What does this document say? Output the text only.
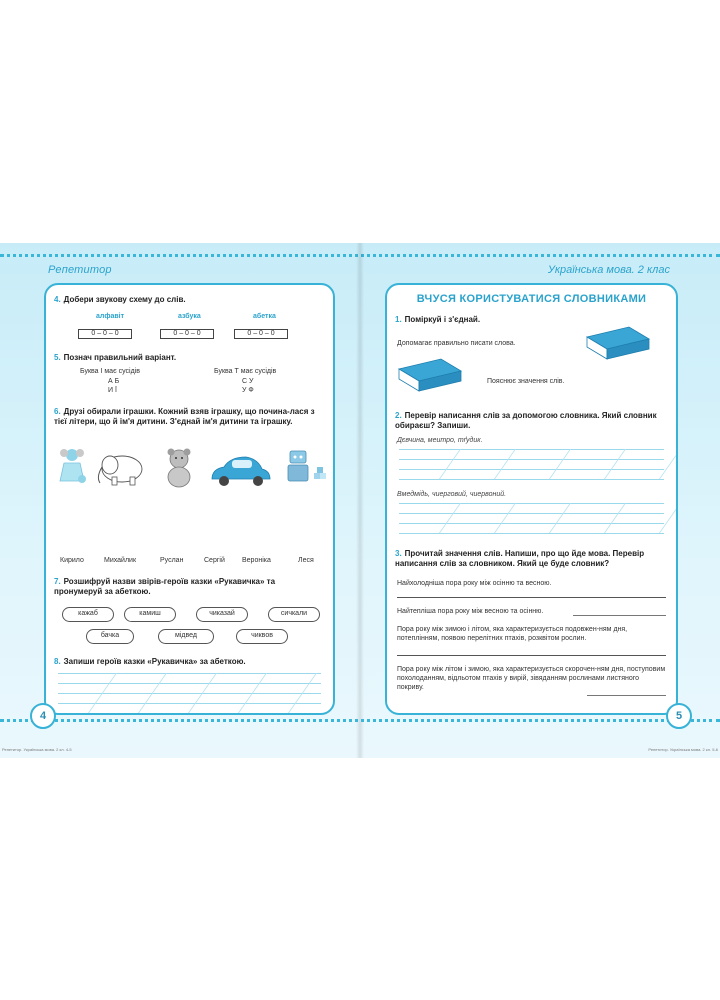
Репетитор	Українська мова. 2 клас
4. Добери звукову схему до слів.
алфавіт	азбука	абетка
0 – 0 – 0	0 – 0 – 0	0 – 0 – 0
5. Познач правильний варіант.
Буква І має сусідів
А Б
И Ї
Буква Т має сусідів
С У
У Ф
6. Друзі обирали іграшки. Кожний взяв іграшку, що почина-лася з тієї літери, що й ім'я дитини. З'єднай ім'я дитини та іграшку.
Кирило	Михайлик	Руслан	Сергій Вероніка	Леся
7. Розшифруй назви звірів-героїв казки «Рукавичка» та пронумеруй за абеткою.
кажаб	камиш	чиказай	сичкали
бачка	мідвед	чиквов
8. Запиши героїв казки «Рукавичка» за абеткою.
ВЧУСЯ КОРИСТУВАТИСЯ СЛОВНИКАМИ
1. Поміркуй і з'єднай.
Допомагає правильно писати слова.
Пояснює значення слів.
2. Перевір написання слів за допомогою словника. Який словник обираєш? Запиши.
Дєвчина, меитро, тґудик.
Вмедмідь, чиерговий, чиервоний.
3. Прочитай значення слів. Напиши, про що йде мова. Перевір написання слів за словником. Який це буде словник?
Найхолодніша пора року між осінню та весною.
Найтепліша пора року між весною та осінню.
Пора року між зимою і літом, яка характеризується подовжен-ням дня, потеплінням, появою перелітних птахів, розквітом рослин.
Пора року між літом і зимою, яка характеризується скорочен-ням дня, поступовим похолоданням, відльотом птахів у вирій, зівяданням рослинами листяного покриву.
4	5
Репетитор. Українська мова. 2 кл. 4-5	Репетитор. Українська мова. 2 кл. 5-6
